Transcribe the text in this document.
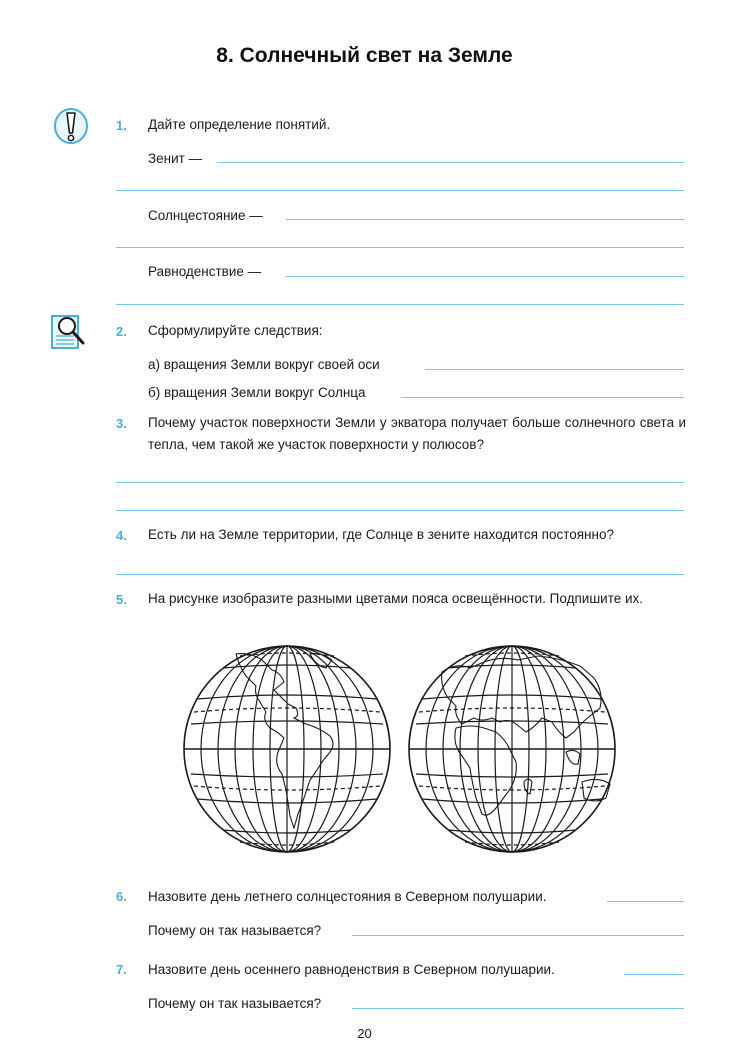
8. Солнечный свет на Земле
1. Дайте определение понятий.
Зенит —
Солнцестояние —
Равноденствие —
2. Сформулируйте следствия:
а) вращения Земли вокруг своей оси
б) вращения Земли вокруг Солнца
3. Почему участок поверхности Земли у экватора получает больше солнечного света и тепла, чем такой же участок поверхности у полюсов?
4. Есть ли на Земле территории, где Солнце в зените находится постоянно?
5. На рисунке изобразите разными цветами пояса освещённости. Подпишите их.
6. Назовите день летнего солнцестояния в Северном полушарии.
Почему он так называется?
7. Назовите день осеннего равноденствия в Северном полушарии.
Почему он так называется?
20
